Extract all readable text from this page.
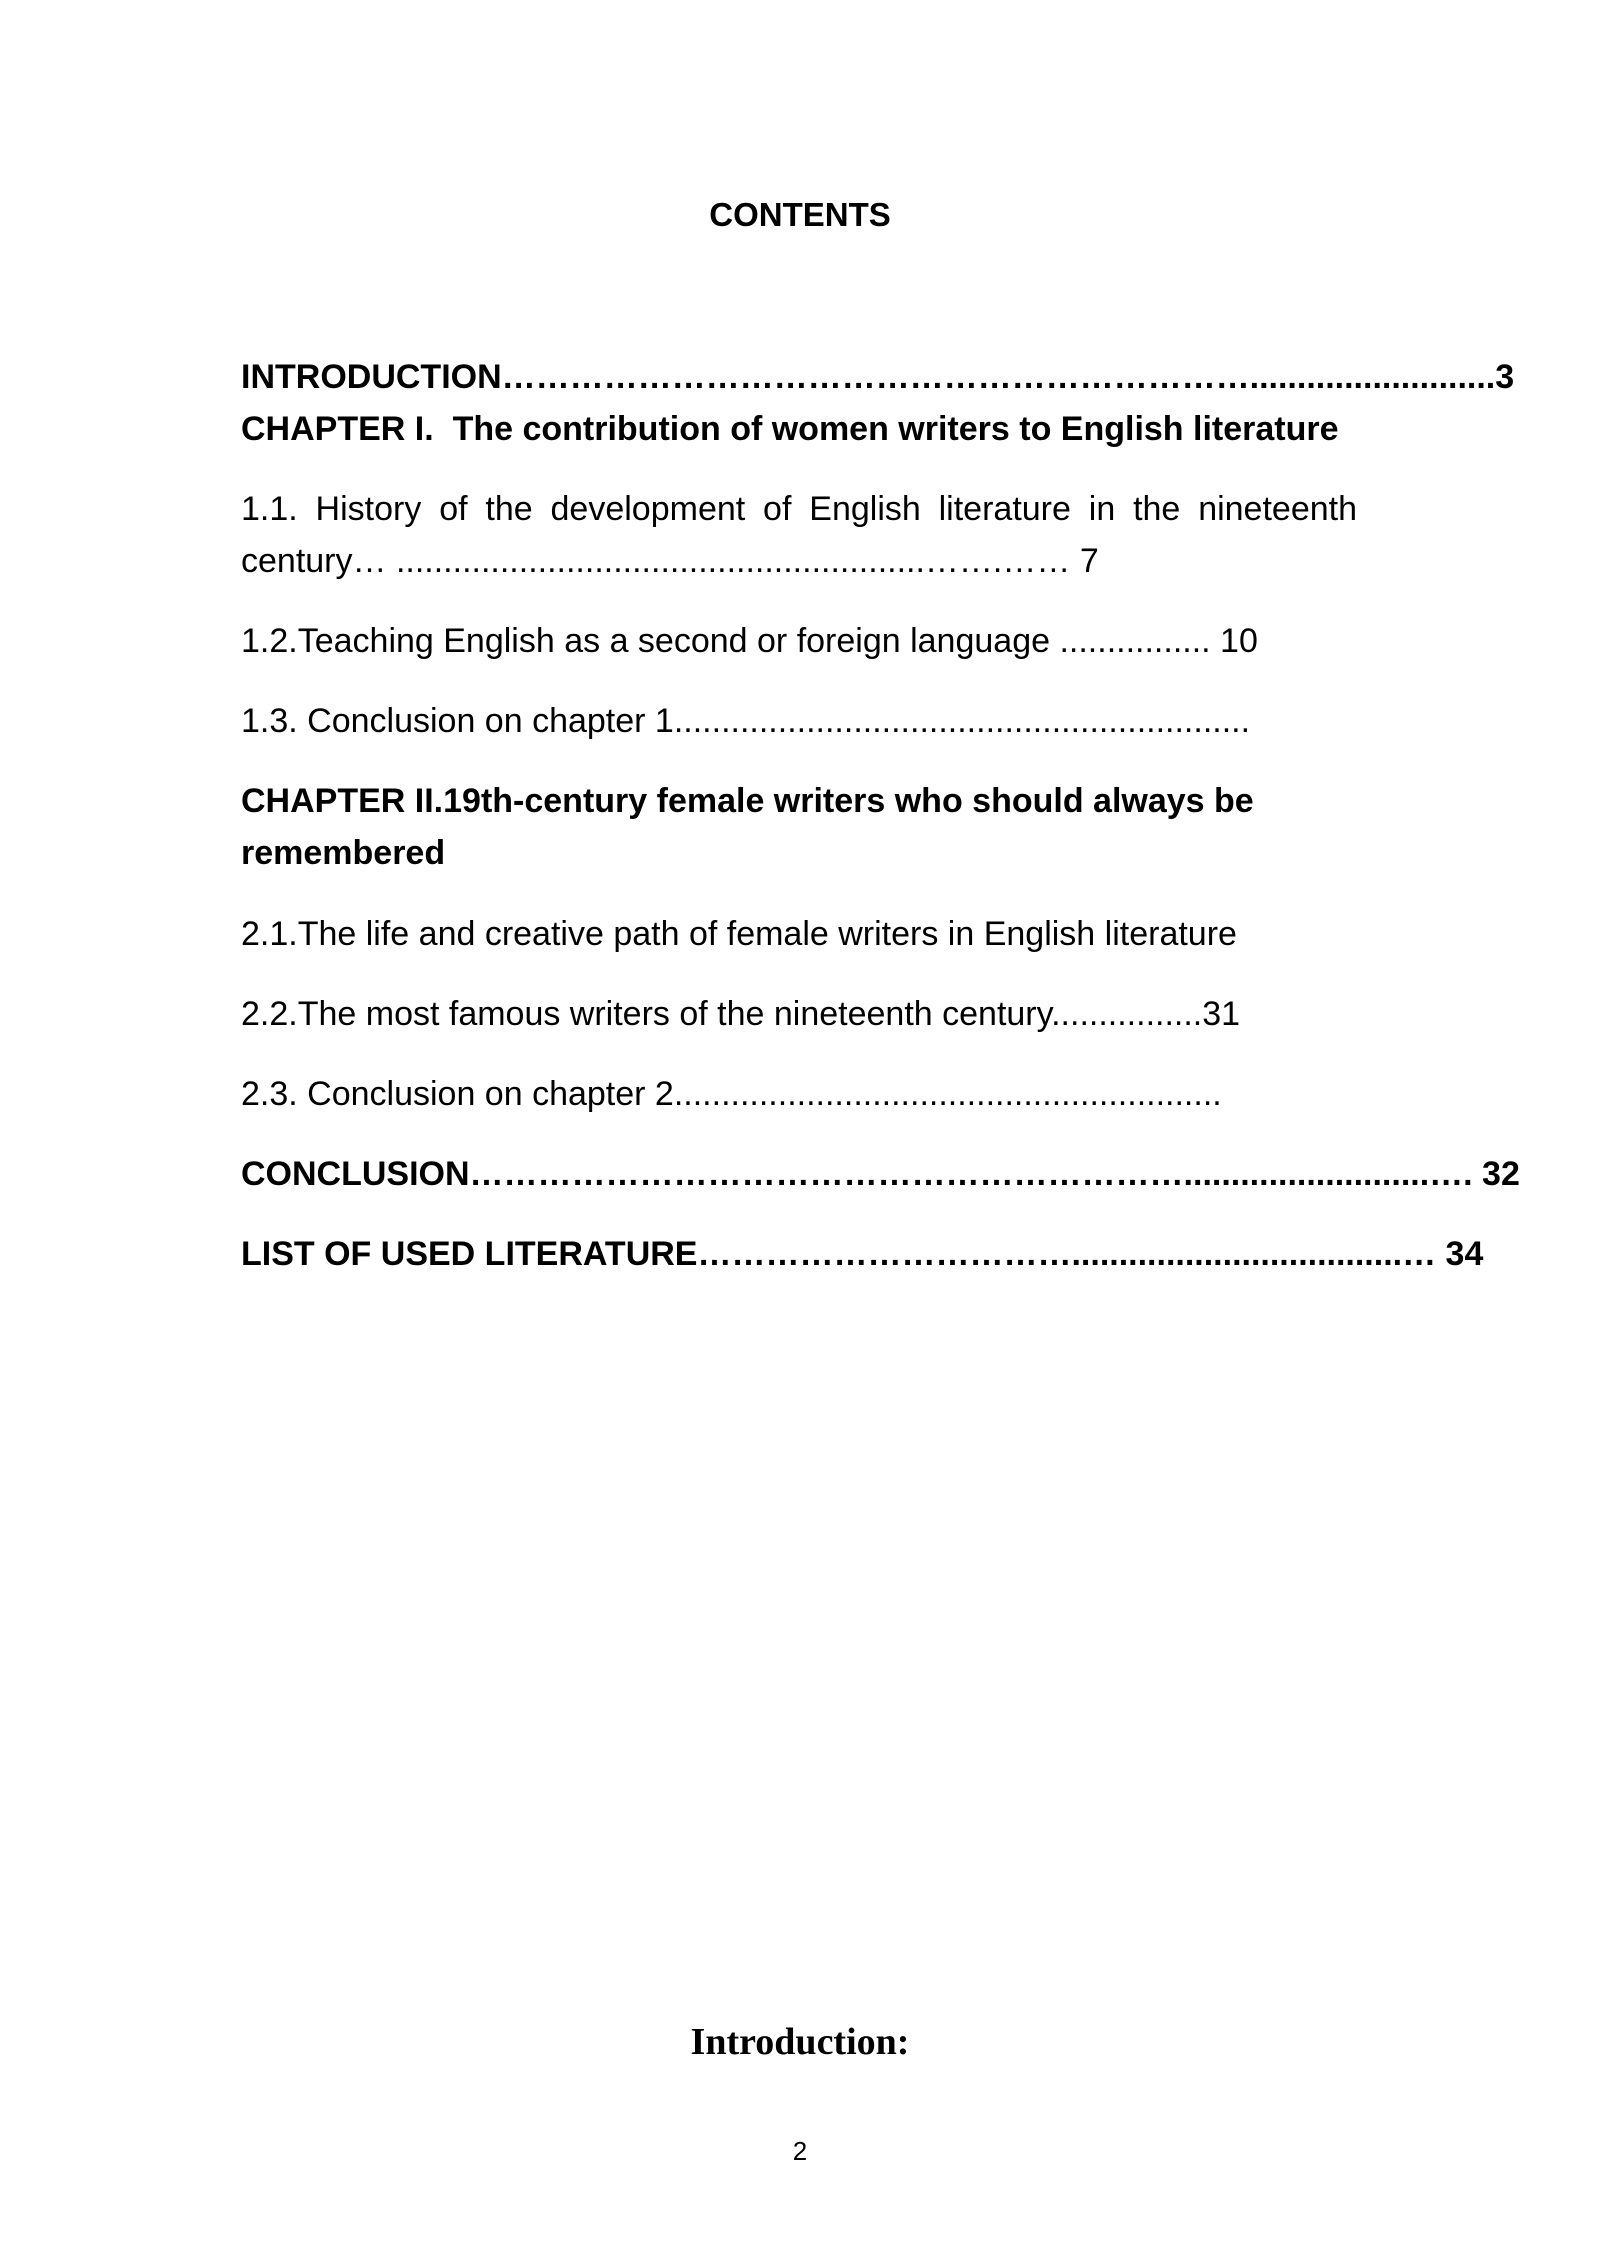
CONTENTS
INTRODUCTION…………………………………………………………..........................3
CHAPTER I.  The contribution of women writers to English literature
1.1. History of the development of English literature in the nineteenth century… ........................................................…….…… 7
1.2.Teaching English as a second or foreign language ................ 10
1.3. Conclusion on chapter 1.............................................................
CHAPTER II.19th-century female writers who should always be remembered
2.1.The life and creative path of female writers in English literature
2.2.The most famous writers of the nineteenth century................31
2.3. Conclusion on chapter 2..........................................................
CONCLUSION………………………………………………………..........................…. 32
LIST OF USED LITERATURE……………………………...................................… 34
Introduction:
2
